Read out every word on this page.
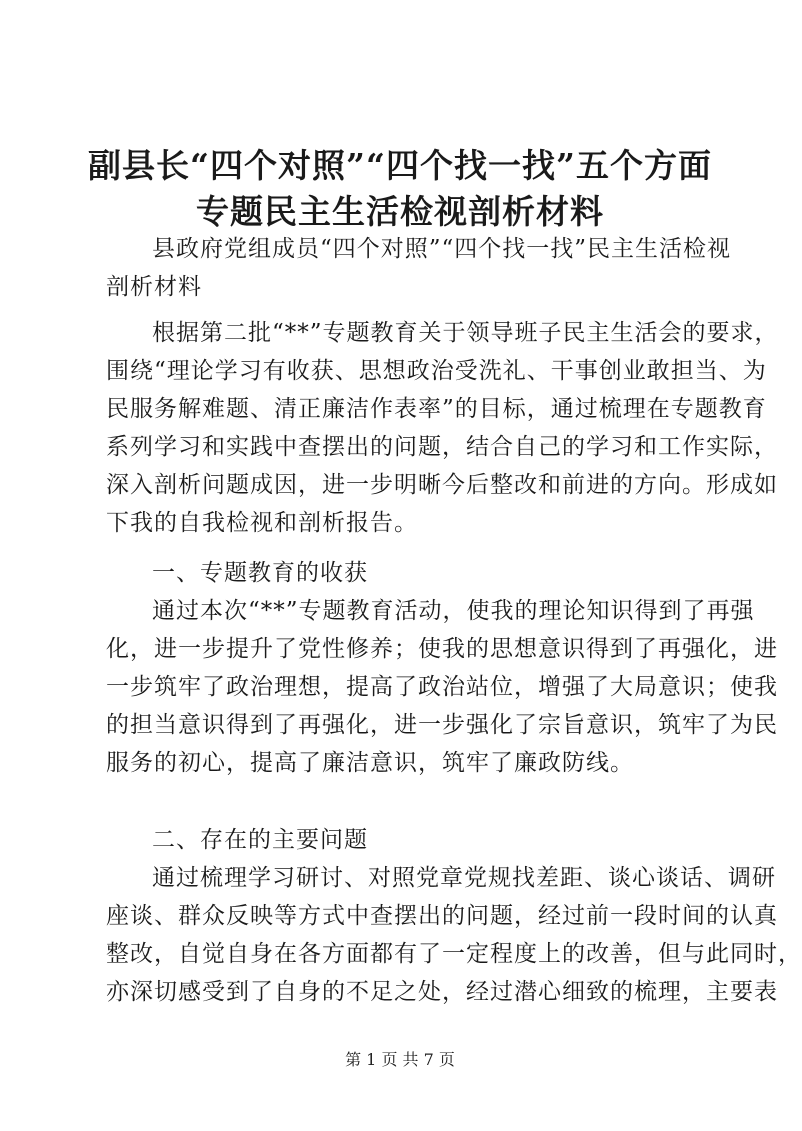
副县长“四个对照”“四个找一找”五个方面
专题民主生活检视剖析材料
县政府党组成员“四个对照”“四个找一找”民主生活检视
剖析材料
根据第二批“**”专题教育关于领导班子民主生活会的要求，
围绕“理论学习有收获、思想政治受洗礼、干事创业敢担当、为
民服务解难题、清正廉洁作表率”的目标，通过梳理在专题教育
系列学习和实践中查摆出的问题，结合自己的学习和工作实际，
深入剖析问题成因，进一步明晰今后整改和前进的方向。形成如
下我的自我检视和剖析报告。
一、专题教育的收获
通过本次“**”专题教育活动，使我的理论知识得到了再强
化，进一步提升了党性修养；使我的思想意识得到了再强化，进
一步筑牢了政治理想，提高了政治站位，增强了大局意识；使我
的担当意识得到了再强化，进一步强化了宗旨意识，筑牢了为民
服务的初心，提高了廉洁意识，筑牢了廉政防线。
二、存在的主要问题
通过梳理学习研讨、对照党章党规找差距、谈心谈话、调研
座谈、群众反映等方式中查摆出的问题，经过前一段时间的认真
整改，自觉自身在各方面都有了一定程度上的改善，但与此同时，
亦深切感受到了自身的不足之处，经过潜心细致的梳理，主要表
第 1 页 共 7 页
